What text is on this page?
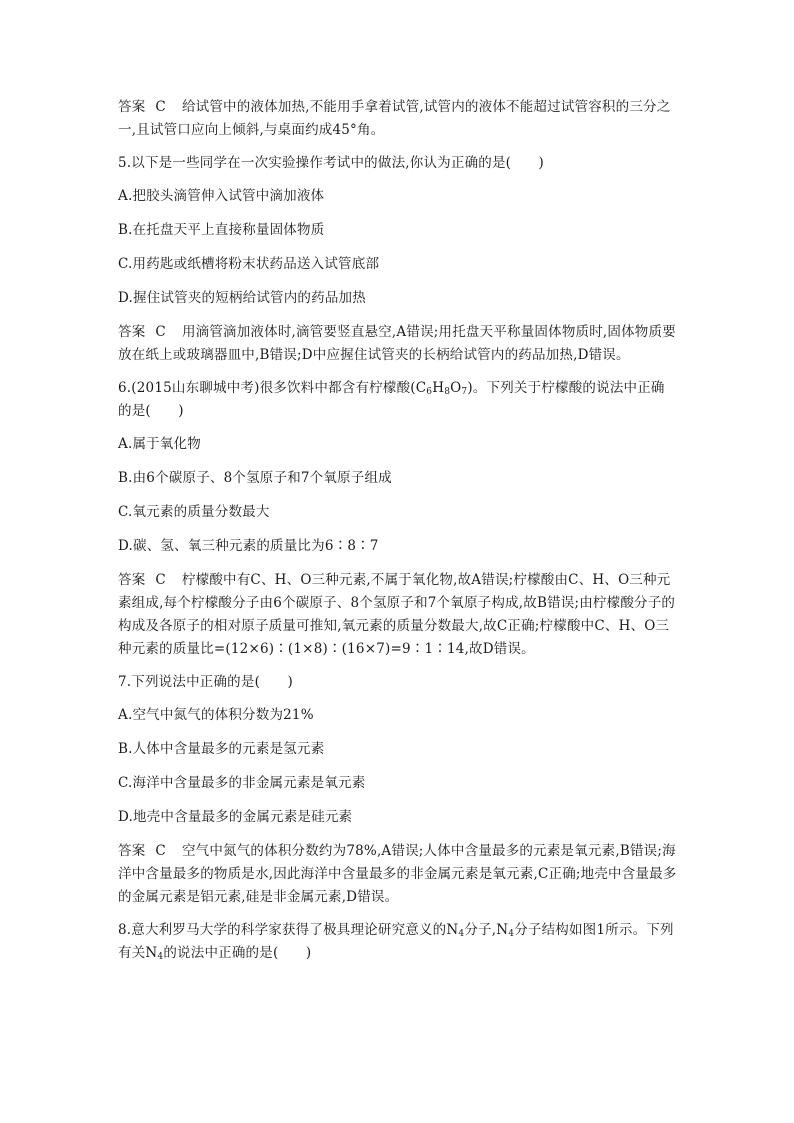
答案 C 给试管中的液体加热,不能用手拿着试管,试管内的液体不能超过试管容积的三分之一,且试管口应向上倾斜,与桌面约成45°角。
5.以下是一些同学在一次实验操作考试中的做法,你认为正确的是(　　)
A.把胶头滴管伸入试管中滴加液体
B.在托盘天平上直接称量固体物质
C.用药匙或纸槽将粉末状药品送入试管底部
D.握住试管夹的短柄给试管内的药品加热
答案 C 用滴管滴加液体时,滴管要竖直悬空,A错误;用托盘天平称量固体物质时,固体物质要放在纸上或玻璃器皿中,B错误;D中应握住试管夹的长柄给试管内的药品加热,D错误。
6.(2015山东聊城中考)很多饮料中都含有柠檬酸$(C_6H_8O_7)$。下列关于柠檬酸的说法中正确的是(　　)
A.属于氧化物
B.由6个碳原子、8个氢原子和7个氧原子组成
C.氧元素的质量分数最大
D.碳、氢、氧三种元素的质量比为6∶8∶7
答案 C 柠檬酸中有C、H、O三种元素,不属于氧化物,故A错误;柠檬酸由C、H、O三种元素组成,每个柠檬酸分子由6个碳原子、8个氢原子和7个氧原子构成,故B错误;由柠檬酸分子的构成及各原子的相对原子质量可推知,氧元素的质量分数最大,故C正确;柠檬酸中C、H、O三种元素的质量比=(12×6)∶(1×8)∶(16×7)=9∶1∶14,故D错误。
7.下列说法中正确的是(　　)
A.空气中氮气的体积分数为21%
B.人体中含量最多的元素是氢元素
C.海洋中含量最多的非金属元素是氧元素
D.地壳中含量最多的金属元素是硅元素
答案 C 空气中氮气的体积分数约为78%,A错误;人体中含量最多的元素是氧元素,B错误;海洋中含量最多的物质是水,因此海洋中含量最多的非金属元素是氧元素,C正确;地壳中含量最多的金属元素是铝元素,硅是非金属元素,D错误。
8.意大利罗马大学的科学家获得了极具理论研究意义的$N_4$分子$,N_4$分子结构如图1所示。下列有关$N_4$的说法中正确的是(　　)
